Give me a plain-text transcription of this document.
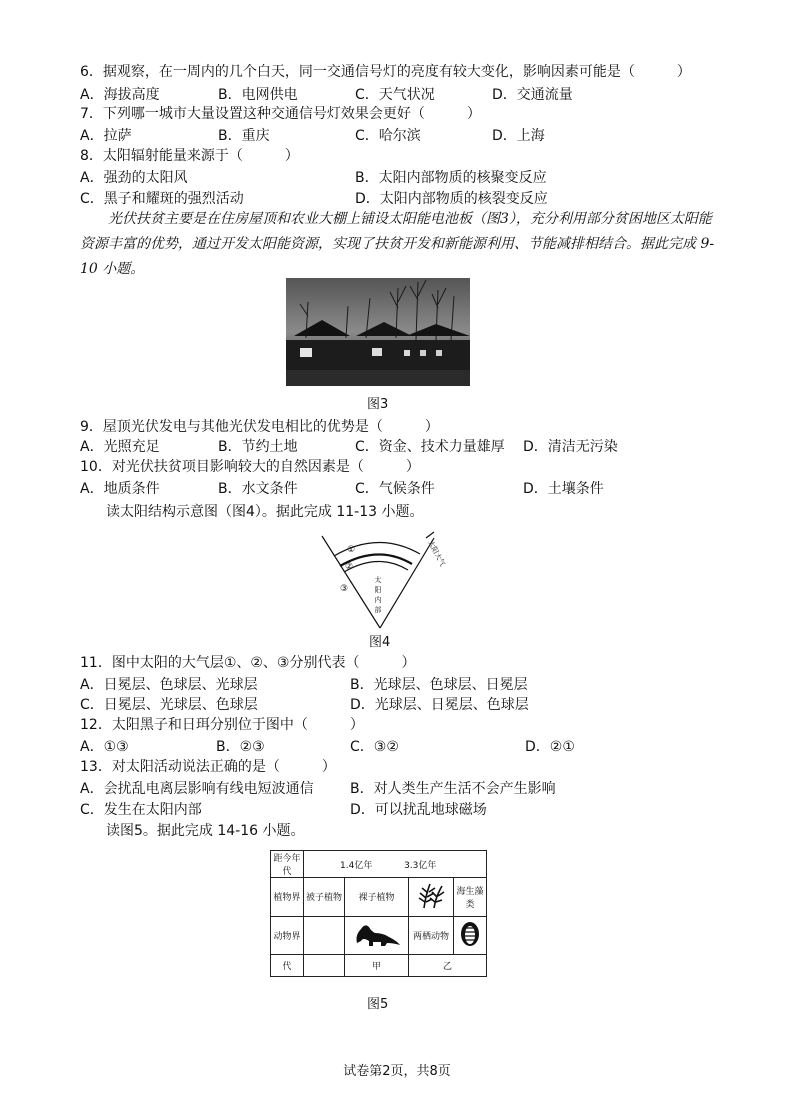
6．据观察，在一周内的几个白天，同一交通信号灯的亮度有较大变化，影响因素可能是（　　　）
A．海拔高度	B．电网供电	C．天气状况	D．交通流量
7．下列哪一城市大量设置这种交通信号灯效果会更好（　　　）
A．拉萨	B．重庆	C．哈尔滨	D．上海
8．太阳辐射能量来源于（　　　）
A．强劲的太阳风	B．太阳内部物质的核聚变反应
C．黑子和耀斑的强烈活动	D．太阳内部物质的核裂变反应
光伏扶贫主要是在住房屋顶和农业大棚上铺设太阳能电池板（图3），充分利用部分贫困地区太阳能资源丰富的优势，通过开发太阳能资源，实现了扶贫开发和新能源利用、节能减排相结合。据此完成 9-10 小题。
图3
9．屋顶光伏发电与其他光伏发电相比的优势是（　　　）
A．光照充足	B．节约土地	C．资金、技术力量雄厚 D．清洁无污染
10．对光伏扶贫项目影响较大的自然因素是（　　　）
A．地质条件	B．水文条件	C．气候条件	D．土壤条件
读太阳结构示意图（图4）。据此完成 11-13 小题。
①
②
③
太
阳
内
部
太阳大气
图4
11．图中太阳的大气层①、②、③分别代表（　　　）
A．日冕层、色球层、光球层	B．光球层、色球层、日冕层
C．日冕层、光球层、色球层	D．光球层、日冕层、色球层
12．太阳黑子和日珥分别位于图中（　　　）
A．①③	B．②③	C．③②	D．②①
13．对太阳活动说法正确的是（　　　）
A．会扰乱电离层影响有线电短波通信	B．对人类生产生活不会产生影响
C．发生在太阳内部	D．可以扰乱地球磁场
读图5。据此完成 14-16 小题。
距今年代	1.4亿年 3.3亿年			
植物界	被子植物	裸子植物		海生藻类
动物界			两栖动物	
代		甲	乙	
图5
试卷第2页，共8页
